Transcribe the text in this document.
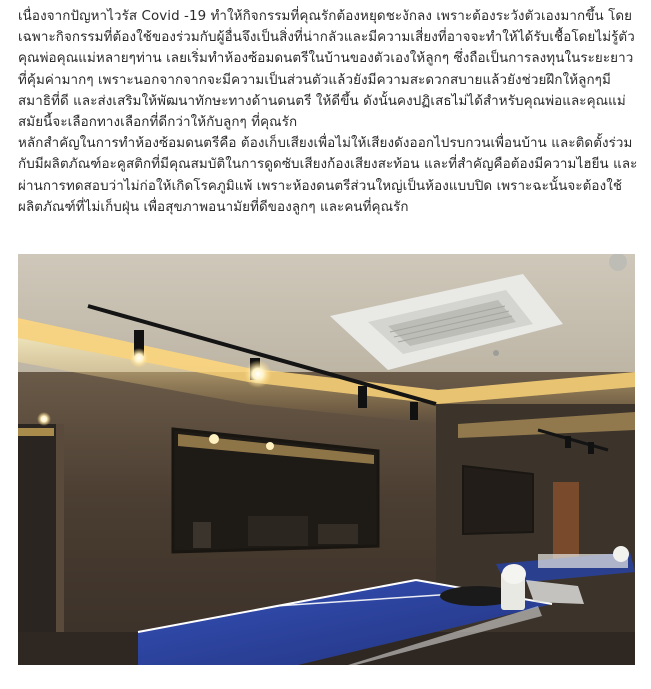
เนื่องจากปัญหาไวรัส Covid -19 ทำให้กิจกรรมที่คุณรักต้องหยุดชะงักลง เพราะต้องระวังตัวเองมากขึ้น โดยเฉพาะกิจกรรมที่ต้องใช้ของร่วมกับผู้อื่นจึงเป็นสิ่งที่น่ากลัวและมีความเสี่ยงที่อาจจะทำให้ได้รับเชื้อโดยไม่รู้ตัว คุณพ่อคุณแม่หลายๆท่าน เลยเริ่มทำห้องซ้อมดนตรีในบ้านของตัวเองให้ลูกๆ ซึ่งถือเป็นการลงทุนในระยะยาวที่คุ้มค่ามากๆ เพราะนอกจากจากจะมีความเป็นส่วนตัวแล้วยังมีความสะดวกสบายแล้วยังช่วยฝึกให้ลูกๆมีสมาธิที่ดี และส่งเสริมให้พัฒนาทักษะทางด้านดนตรี ให้ดีขึ้น ดังนั้นคงปฏิเสธไม่ได้สำหรับคุณพ่อและคุณแม่สมัยนี้จะเลือกทางเลือกที่ดีกว่าให้กับลูกๆ ที่คุณรัก

หลักสำคัญในการทำห้องซ้อมดนตรีคือ ต้องเก็บเสียงเพื่อไม่ให้เสียงดังออกไปรบกวนเพื่อนบ้าน และติดตั้งร่วมกับมีผลิตภัณฑ์อะคูสติกที่มีคุณสมบัติในการดูดซับเสียงก้องเสียงสะท้อน และที่สำคัญคือต้องมีความไฮยีน และผ่านการทดสอบว่าไม่ก่อให้เกิดโรคภูมิแพ้ เพราะห้องดนตรีส่วนใหญ่เป็นห้องแบบปิด เพราะฉะนั้นจะต้องใช้ผลิตภัณฑ์ที่ไม่เก็บฝุ่น เพื่อสุขภาพอนามัยที่ดีของลูกๆ และคนที่คุณรัก
